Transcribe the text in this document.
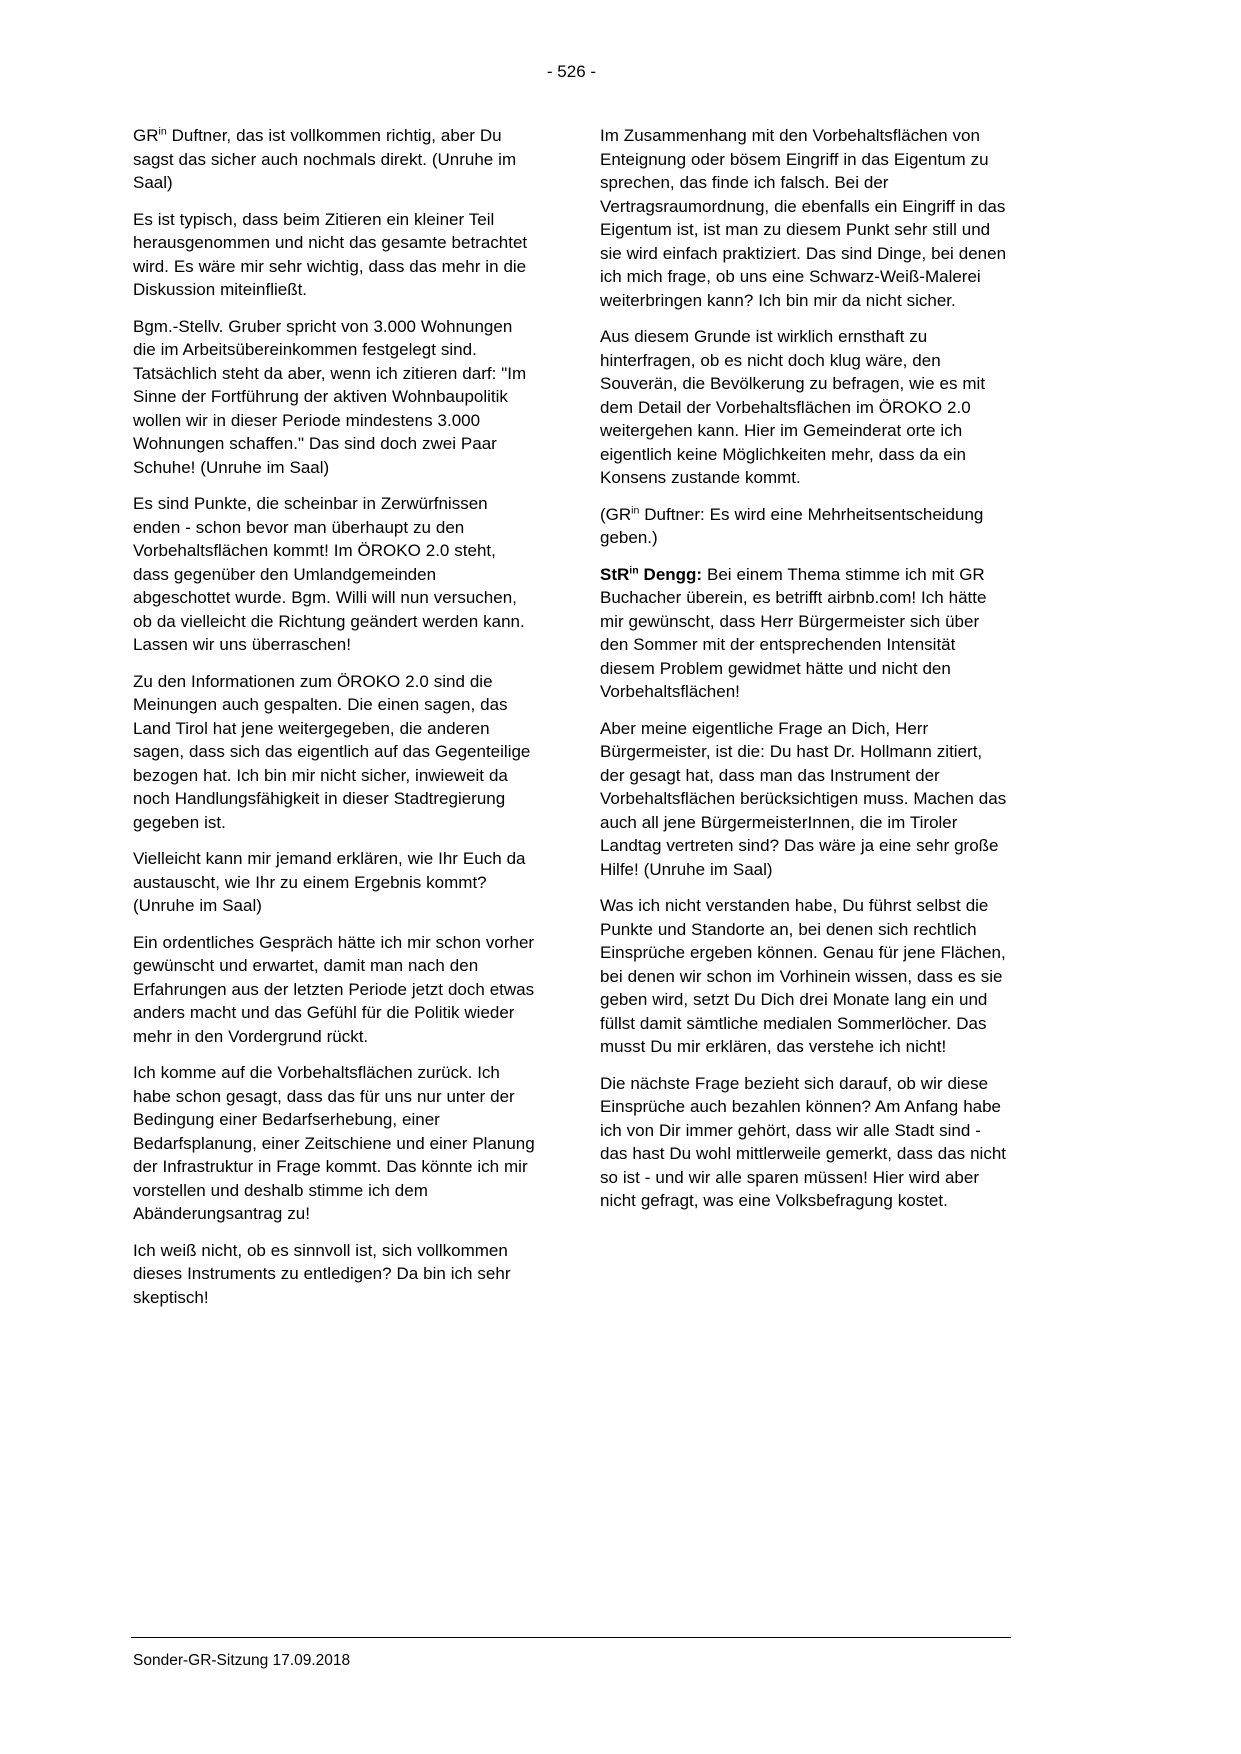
- 526 -

$GR^{in}$ Duftner, das ist vollkommen richtig, aber Du sagst das sicher auch nochmals direkt. (Unruhe im Saal)

Es ist typisch, dass beim Zitieren ein kleiner Teil herausgenommen und nicht das gesamte betrachtet wird. Es wäre mir sehr wichtig, dass das mehr in die Diskussion miteinfließt.

Bgm.-Stellv. Gruber spricht von 3.000 Wohnungen die im Arbeitsübereinkommen festgelegt sind. Tatsächlich steht da aber, wenn ich zitieren darf: "Im Sinne der Fortführung der aktiven Wohnbaupolitik wollen wir in dieser Periode mindestens 3.000 Wohnungen schaffen." Das sind doch zwei Paar Schuhe! (Unruhe im Saal)

Es sind Punkte, die scheinbar in Zerwürfnissen enden - schon bevor man überhaupt zu den Vorbehaltsflächen kommt! Im ÖROKO 2.0 steht, dass gegenüber den Umlandgemeinden abgeschottet wurde. Bgm. Willi will nun versuchen, ob da vielleicht die Richtung geändert werden kann. Lassen wir uns überraschen!

Zu den Informationen zum ÖROKO 2.0 sind die Meinungen auch gespalten. Die einen sagen, das Land Tirol hat jene weitergegeben, die anderen sagen, dass sich das eigentlich auf das Gegenteilige bezogen hat. Ich bin mir nicht sicher, inwieweit da noch Handlungsfähigkeit in dieser Stadtregierung gegeben ist.

Vielleicht kann mir jemand erklären, wie Ihr Euch da austauscht, wie Ihr zu einem Ergebnis kommt? (Unruhe im Saal)

Ein ordentliches Gespräch hätte ich mir schon vorher gewünscht und erwartet, damit man nach den Erfahrungen aus der letzten Periode jetzt doch etwas anders macht und das Gefühl für die Politik wieder mehr in den Vordergrund rückt.

Ich komme auf die Vorbehaltsflächen zurück. Ich habe schon gesagt, dass das für uns nur unter der Bedingung einer Bedarfserhebung, einer Bedarfsplanung, einer Zeitschiene und einer Planung der Infrastruktur in Frage kommt. Das könnte ich mir vorstellen und deshalb stimme ich dem Abänderungsantrag zu!

Ich weiß nicht, ob es sinnvoll ist, sich vollkommen dieses Instruments zu entledigen? Da bin ich sehr skeptisch!

Im Zusammenhang mit den Vorbehaltsflächen von Enteignung oder bösem Eingriff in das Eigentum zu sprechen, das finde ich falsch. Bei der Vertragsraumordnung, die ebenfalls ein Eingriff in das Eigentum ist, ist man zu diesem Punkt sehr still und sie wird einfach praktiziert. Das sind Dinge, bei denen ich mich frage, ob uns eine Schwarz-Weiß-Malerei weiterbringen kann? Ich bin mir da nicht sicher.

Aus diesem Grunde ist wirklich ernsthaft zu hinterfragen, ob es nicht doch klug wäre, den Souverän, die Bevölkerung zu befragen, wie es mit dem Detail der Vorbehaltsflächen im ÖROKO 2.0 weitergehen kann. Hier im Gemeinderat orte ich eigentlich keine Möglichkeiten mehr, dass da ein Konsens zustande kommt.

($GR^{in}$ Duftner: Es wird eine Mehrheitsentscheidung geben.)

StR$^{in}$ Dengg: Bei einem Thema stimme ich mit GR Buchacher überein, es betrifft airbnb.com! Ich hätte mir gewünscht, dass Herr Bürgermeister sich über den Sommer mit der entsprechenden Intensität diesem Problem gewidmet hätte und nicht den Vorbehaltsflächen!

Aber meine eigentliche Frage an Dich, Herr Bürgermeister, ist die: Du hast Dr. Hollmann zitiert, der gesagt hat, dass man das Instrument der Vorbehaltsflächen berücksichtigen muss. Machen das auch all jene BürgermeisterInnen, die im Tiroler Landtag vertreten sind? Das wäre ja eine sehr große Hilfe! (Unruhe im Saal)

Was ich nicht verstanden habe, Du führst selbst die Punkte und Standorte an, bei denen sich rechtlich Einsprüche ergeben können. Genau für jene Flächen, bei denen wir schon im Vorhinein wissen, dass es sie geben wird, setzt Du Dich drei Monate lang ein und füllst damit sämtliche medialen Sommerlöcher. Das musst Du mir erklären, das verstehe ich nicht!

Die nächste Frage bezieht sich darauf, ob wir diese Einsprüche auch bezahlen können? Am Anfang habe ich von Dir immer gehört, dass wir alle Stadt sind - das hast Du wohl mittlerweile gemerkt, dass das nicht so ist - und wir alle sparen müssen! Hier wird aber nicht gefragt, was eine Volksbefragung kostet.

Sonder-GR-Sitzung 17.09.2018
